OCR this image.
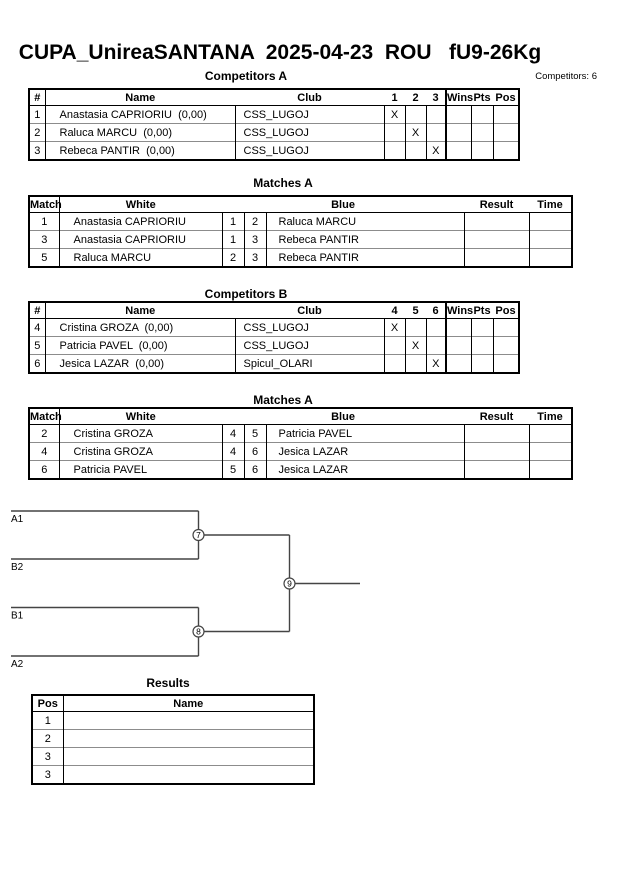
CUPA_UnireaSANTANA  2025-04-23  ROU   fU9-26Kg
Competitors: 6
Competitors A
#	Name	Club	1	2	3	Wins	Pts	Pos
1	Anastasia CAPRIORIU  (0,00)	CSS_LUGOJ	X					
2	Raluca MARCU  (0,00)	CSS_LUGOJ		X				
3	Rebeca PANTIR  (0,00)	CSS_LUGOJ			X			
Matches A
Match	White	Blue			Result	Time
1	Anastasia CAPRIORIU	1	2	Raluca MARCU		
3	Anastasia CAPRIORIU	1	3	Rebeca PANTIR		
5	Raluca MARCU	2	3	Rebeca PANTIR		
Competitors B
#	Name	Club	4	5	6	Wins	Pts	Pos
4	Cristina GROZA  (0,00)	CSS_LUGOJ	X					
5	Patricia PAVEL  (0,00)	CSS_LUGOJ		X				
6	Jesica LAZAR  (0,00)	Spicul_OLARI			X			
Matches A
Match	White	Blue			Result	Time
2	Cristina GROZA	4	5	Patricia PAVEL		
4	Cristina GROZA	4	6	Jesica LAZAR		
6	Patricia PAVEL	5	6	Jesica LAZAR		
7
8
9
A1
B2
B1
A2
Results
Pos	Name
1	
2	
3	
3	
